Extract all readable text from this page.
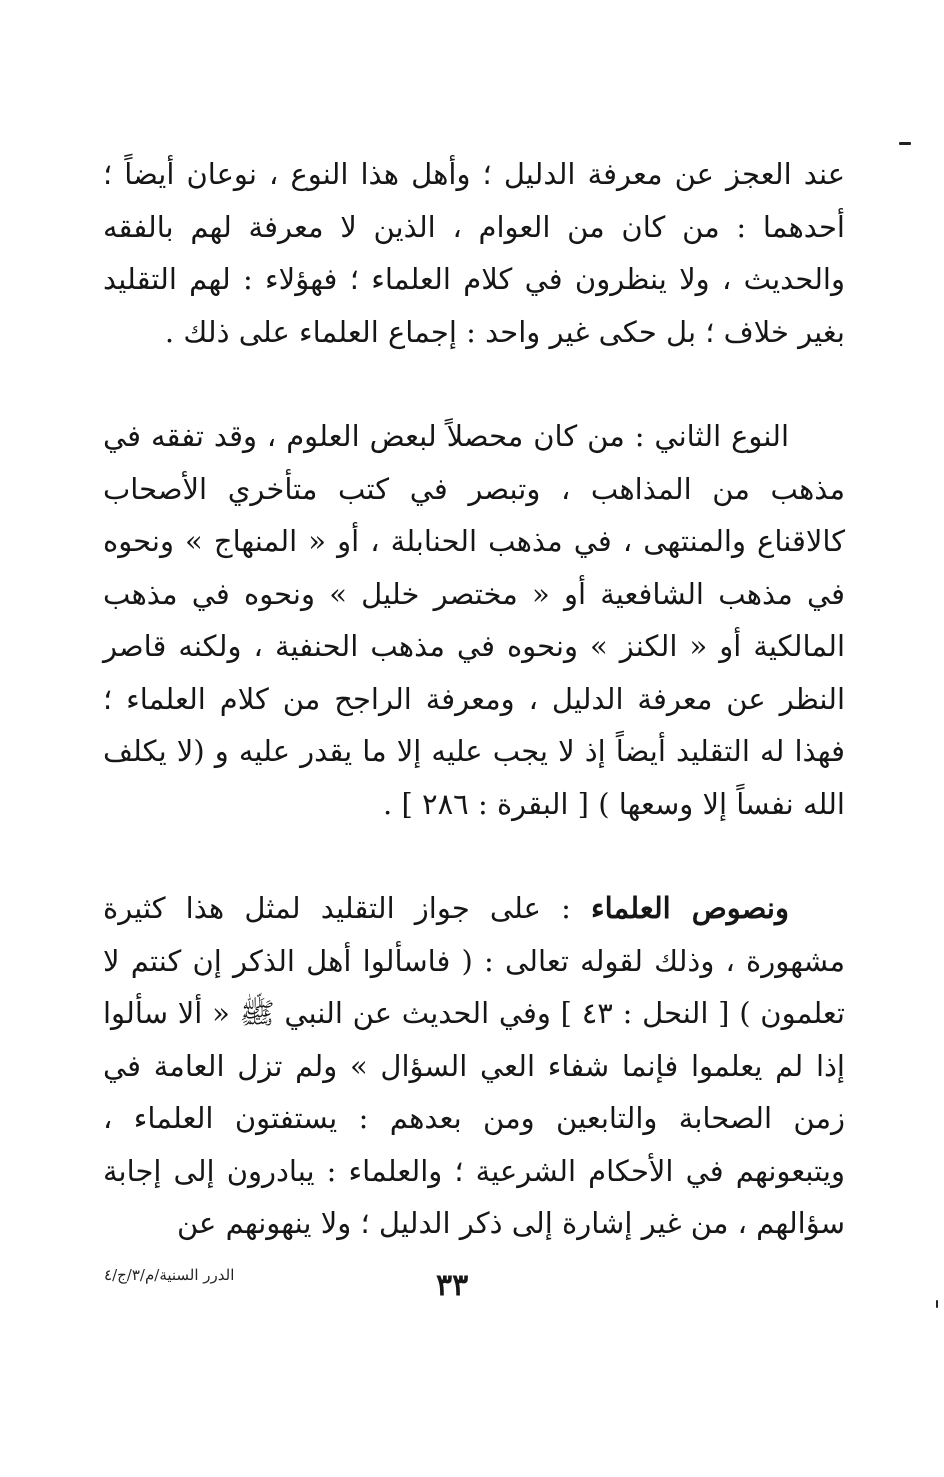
عند العجز عن معرفة الدليل ؛ وأهل هذا النوع ، نوعان أيضاً ؛ أحدهما : من كان من العوام ، الذين لا معرفة لهم بالفقه والحديث ، ولا ينظرون في كلام العلماء ؛ فهؤلاء : لهم التقليد بغير خلاف ؛ بل حكى غير واحد : إجماع العلماء على ذلك .

النوع الثاني : من كان محصلاً لبعض العلوم ، وقد تفقه في مذهب من المذاهب ، وتبصر في كتب متأخري الأصحاب كالاقناع والمنتهى ، في مذهب الحنابلة ، أو « المنهاج » ونحوه في مذهب الشافعية أو « مختصر خليل » ونحوه في مذهب المالكية أو « الكنز » ونحوه في مذهب الحنفية ، ولكنه قاصر النظر عن معرفة الدليل ، ومعرفة الراجح من كلام العلماء ؛ فهذا له التقليد أيضاً إذ لا يجب عليه إلا ما يقدر عليه و (لا يكلف الله نفساً إلا وسعها ) [ البقرة : ٢٨٦ ] .

ونصوص العلماء : على جواز التقليد لمثل هذا كثيرة مشهورة ، وذلك لقوله تعالى : ( فاسألوا أهل الذكر إن كنتم لا تعلمون ) [ النحل : ٤٣ ] وفي الحديث عن النبي ﷺ « ألا سألوا إذا لم يعلموا فإنما شفاء العي السؤال » ولم تزل العامة في زمن الصحابة والتابعين ومن بعدهم : يستفتون العلماء ، ويتبعونهم في الأحكام الشرعية ؛ والعلماء : يبادرون إلى إجابة سؤالهم ، من غير إشارة إلى ذكر الدليل ؛ ولا ينهونهم عن

الدرر السنية/م/٣/ج/٤	٣٣
